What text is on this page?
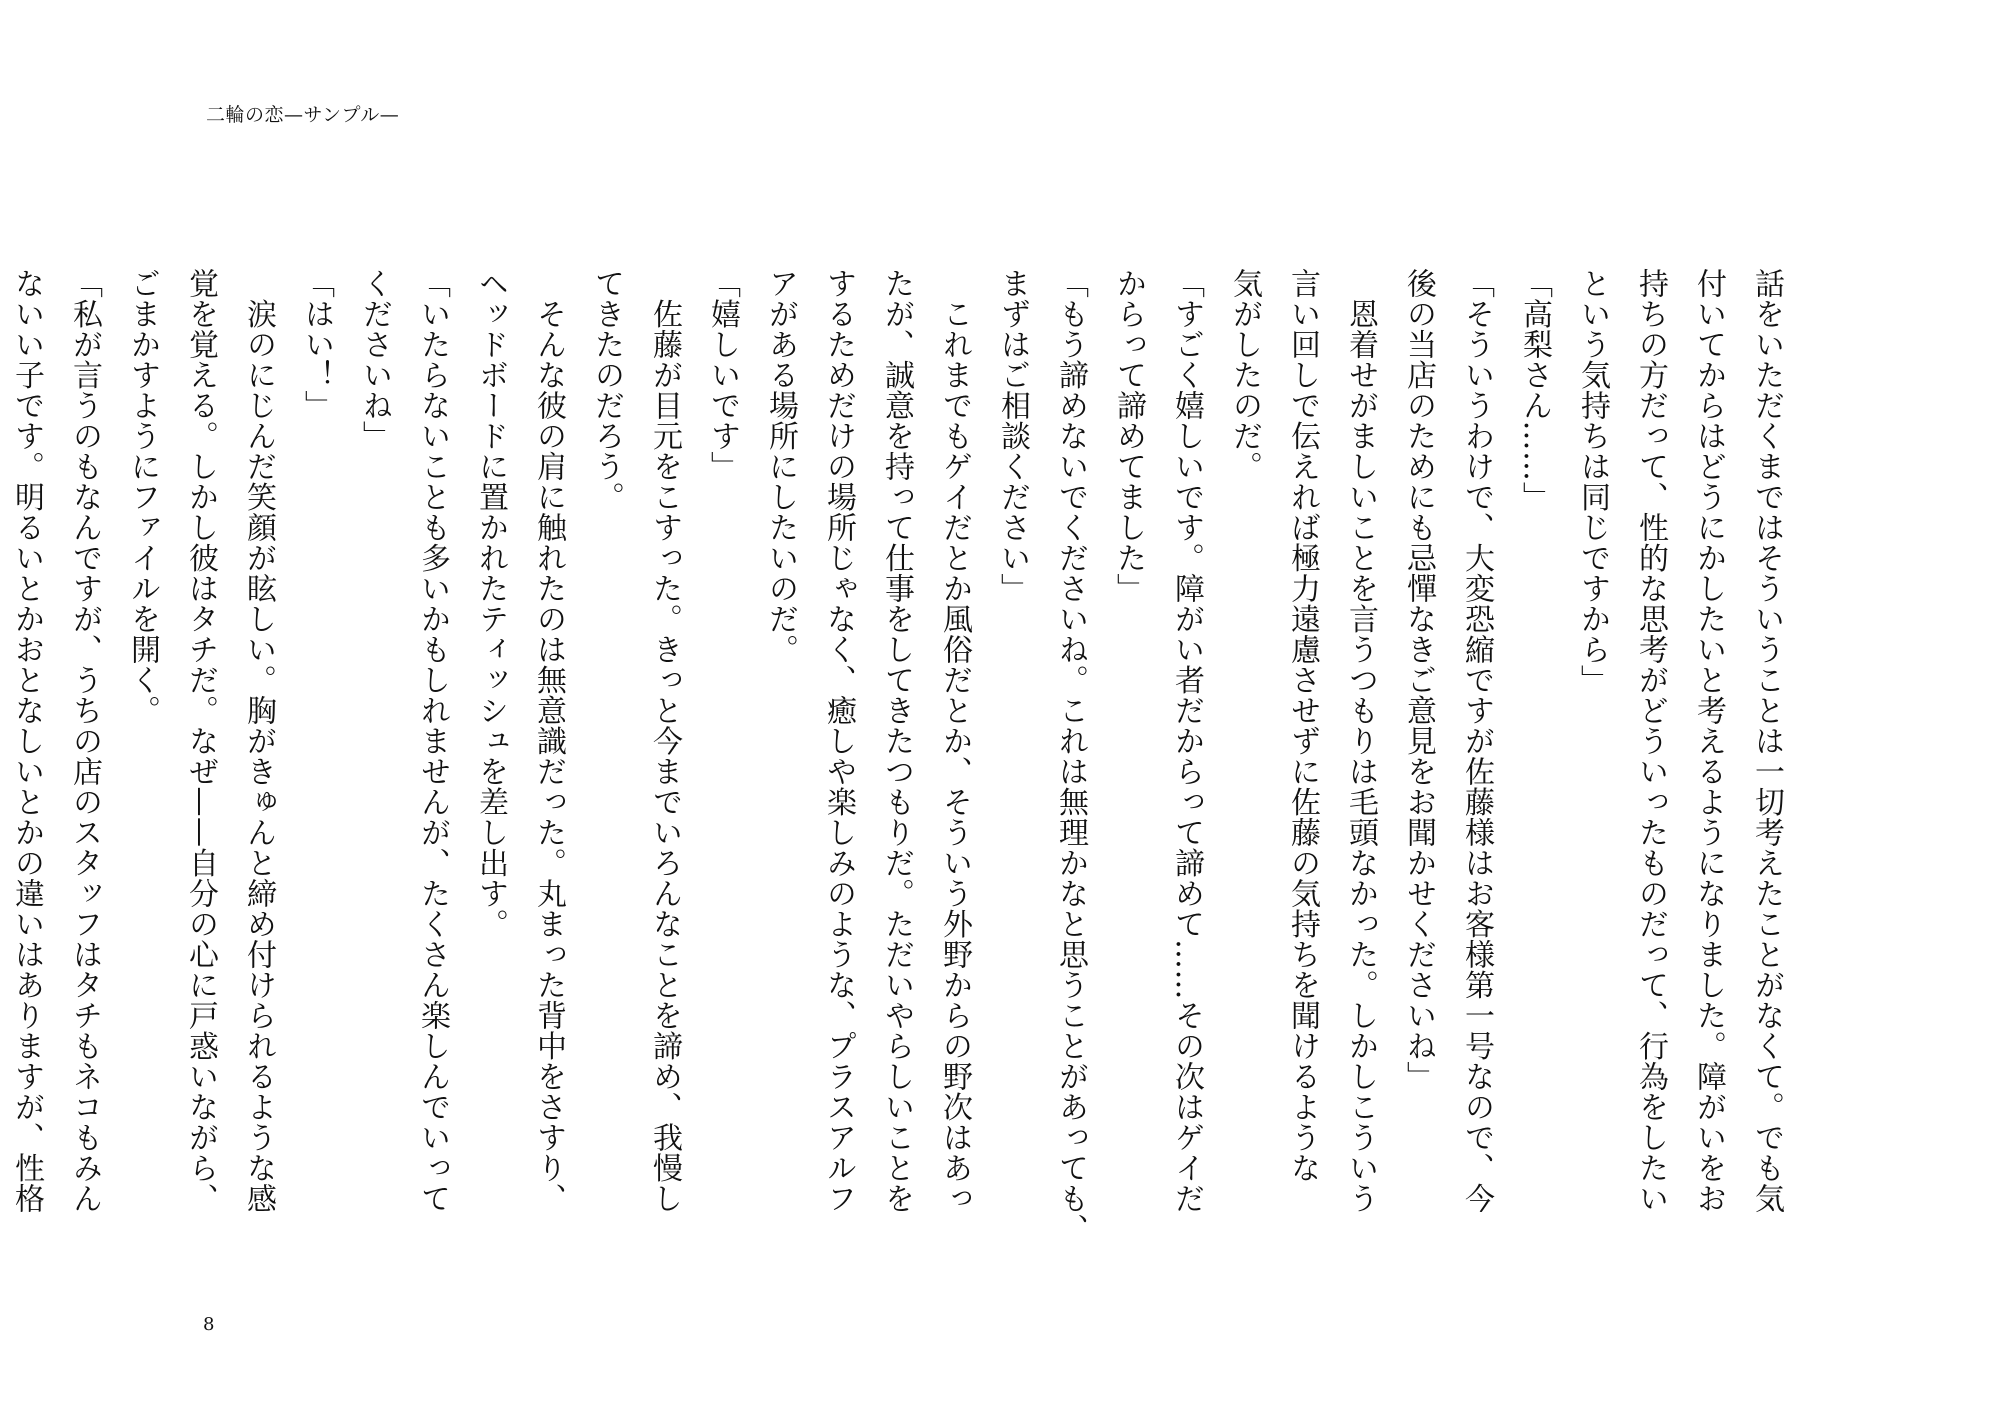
二輪の恋—サンプル—

話をいただくまではそういうことは一切考えたことがなくて。でも気

付いてからはどうにかしたいと考えるようになりました。障がいをお

持ちの方だって、性的な思考がどういったものだって、行為をしたい

という気持ちは同じですから」

「高梨さん……」

「そういうわけで、大変恐縮ですが佐藤様はお客様第一号なので、今

後の当店のためにも忌憚なきご意見をお聞かせくださいね」

　恩着せがましいことを言うつもりは毛頭なかった。しかしこういう

言い回しで伝えれば極力遠慮させずに佐藤の気持ちを聞けるような

気がしたのだ。

「すごく嬉しいです。障がい者だからって諦めて……その次はゲイだ

からって諦めてました」

「もう諦めないでくださいね。これは無理かなと思うことがあっても、

まずはご相談ください」

　これまでもゲイだとか風俗だとか、そういう外野からの野次はあっ

たが、誠意を持って仕事をしてきたつもりだ。ただいやらしいことを

するためだけの場所じゃなく、癒しや楽しみのような、プラスアルフ

アがある場所にしたいのだ。

「嬉しいです」

　佐藤が目元をこすった。きっと今までいろんなことを諦め、我慢し

てきたのだろう。

　そんな彼の肩に触れたのは無意識だった。丸まった背中をさすり、

ヘッドボードに置かれたティッシュを差し出す。

「いたらないことも多いかもしれませんが、たくさん楽しんでいって

くださいね」

「はい！」

　涙のにじんだ笑顔が眩しい。胸がきゅんと締め付けられるような感

覚を覚える。しかし彼はタチだ。なぜ——自分の心に戸惑いながら、

ごまかすようにファイルを開く。

「私が言うのもなんですが、うちの店のスタッフはタチもネコもみん

ないい子です。明るいとかおとなしいとかの違いはありますが、性格

8
